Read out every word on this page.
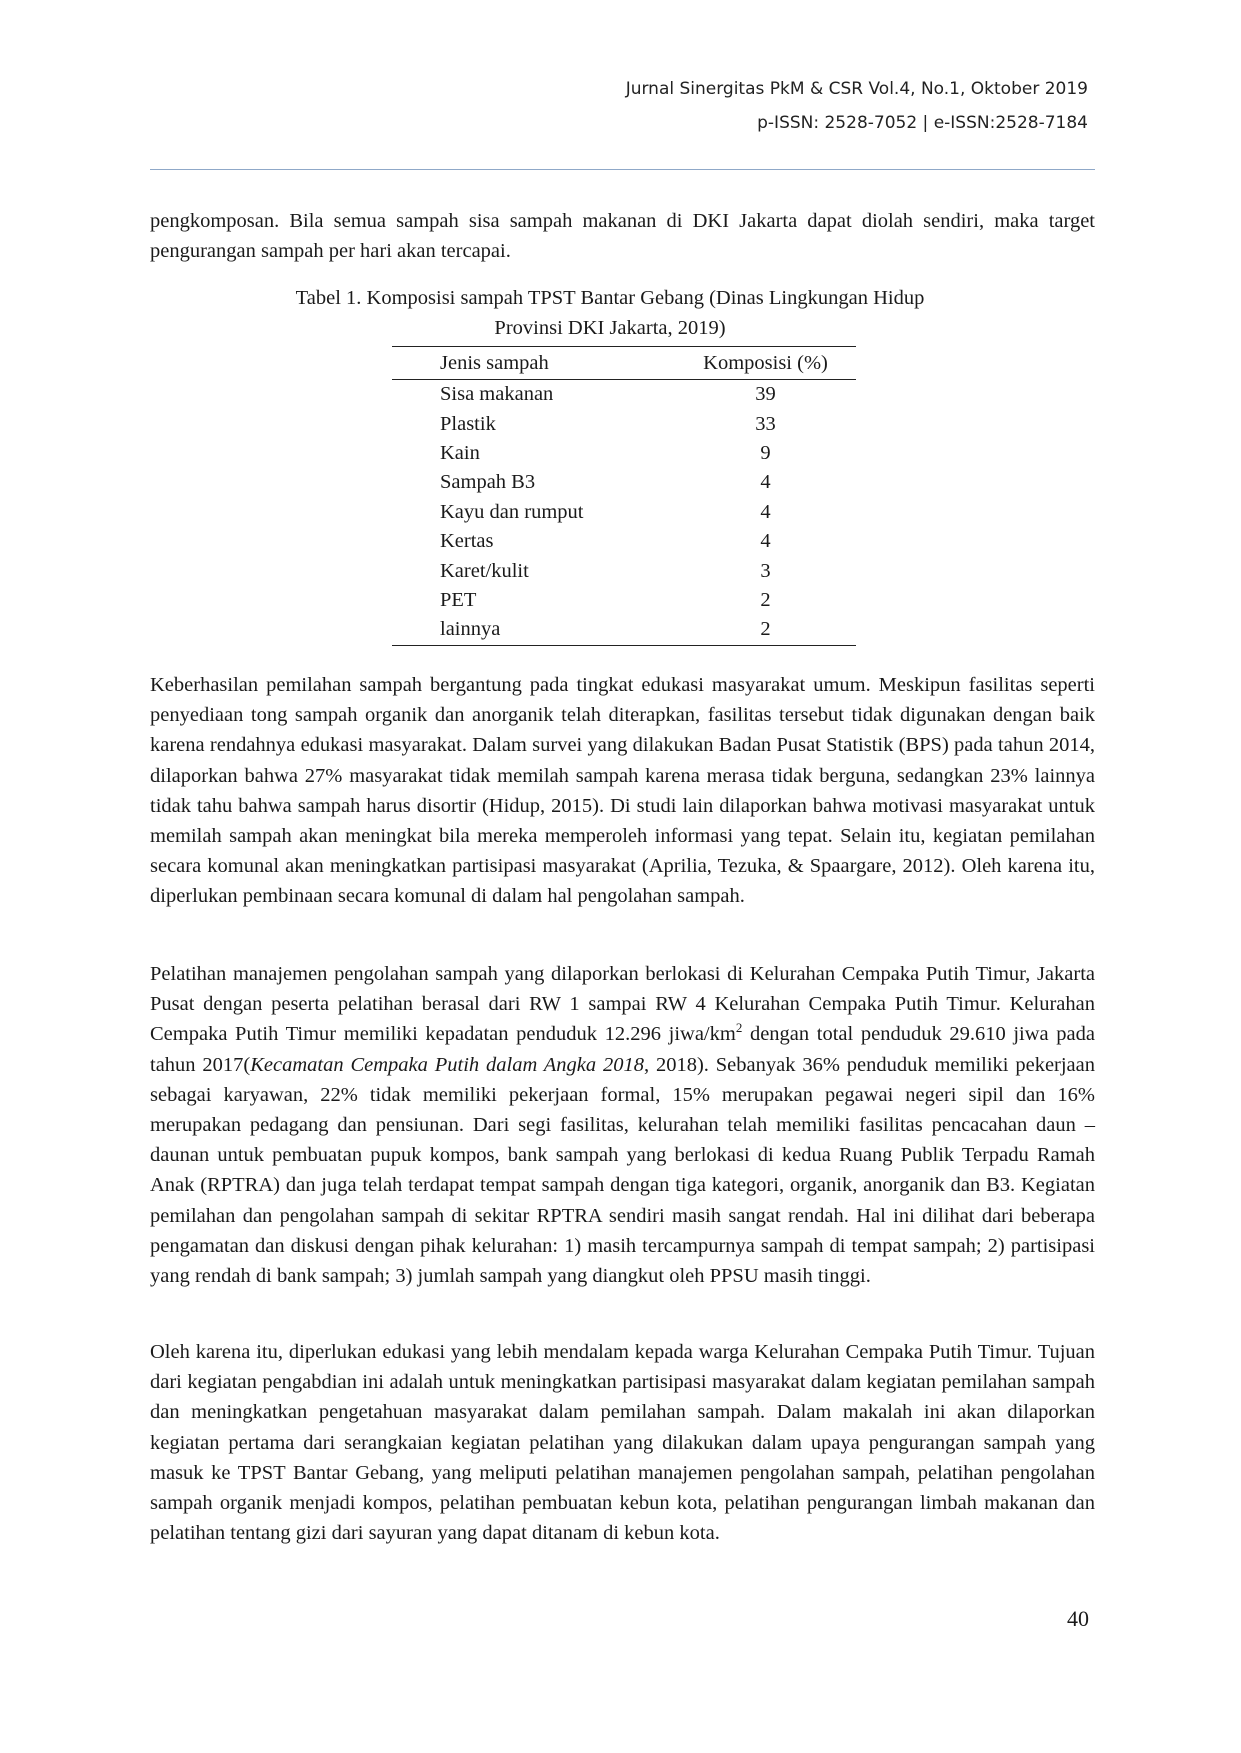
Jurnal Sinergitas PkM & CSR Vol.4, No.1, Oktober 2019
p-ISSN: 2528-7052 | e-ISSN:2528-7184

pengkomposan. Bila semua sampah sisa sampah makanan di DKI Jakarta dapat diolah sendiri, maka target pengurangan sampah per hari akan tercapai.

Tabel 1. Komposisi sampah TPST Bantar Gebang (Dinas Lingkungan Hidup
Provinsi DKI Jakarta, 2019)
Jenis sampah	Komposisi (%)
Sisa makanan	39
Plastik	33
Kain	9
Sampah B3	4
Kayu dan rumput	4
Kertas	4
Karet/kulit	3
PET	2
lainnya	2

Keberhasilan pemilahan sampah bergantung pada tingkat edukasi masyarakat umum. Meskipun fasilitas seperti penyediaan tong sampah organik dan anorganik telah diterapkan, fasilitas tersebut tidak digunakan dengan baik karena rendahnya edukasi masyarakat. Dalam survei yang dilakukan Badan Pusat Statistik (BPS) pada tahun 2014, dilaporkan bahwa 27% masyarakat tidak memilah sampah karena merasa tidak berguna, sedangkan 23% lainnya tidak tahu bahwa sampah harus disortir (Hidup, 2015). Di studi lain dilaporkan bahwa motivasi masyarakat untuk memilah sampah akan meningkat bila mereka memperoleh informasi yang tepat. Selain itu, kegiatan pemilahan secara komunal akan meningkatkan partisipasi masyarakat (Aprilia, Tezuka, & Spaargare, 2012). Oleh karena itu, diperlukan pembinaan secara komunal di dalam hal pengolahan sampah.

Pelatihan manajemen pengolahan sampah yang dilaporkan berlokasi di Kelurahan Cempaka Putih Timur, Jakarta Pusat dengan peserta pelatihan berasal dari RW 1 sampai RW 4 Kelurahan Cempaka Putih Timur. Kelurahan Cempaka Putih Timur memiliki kepadatan penduduk 12.296 jiwa/$km^2$ dengan total penduduk 29.610 jiwa pada tahun 2017(Kecamatan Cempaka Putih dalam Angka 2018, 2018). Sebanyak 36% penduduk memiliki pekerjaan sebagai karyawan, 22% tidak memiliki pekerjaan formal, 15% merupakan pegawai negeri sipil dan 16% merupakan pedagang dan pensiunan. Dari segi fasilitas, kelurahan telah memiliki fasilitas pencacahan daun – daunan untuk pembuatan pupuk kompos, bank sampah yang berlokasi di kedua Ruang Publik Terpadu Ramah Anak (RPTRA) dan juga telah terdapat tempat sampah dengan tiga kategori, organik, anorganik dan B3. Kegiatan pemilahan dan pengolahan sampah di sekitar RPTRA sendiri masih sangat rendah. Hal ini dilihat dari beberapa pengamatan dan diskusi dengan pihak kelurahan: 1) masih tercampurnya sampah di tempat sampah; 2) partisipasi yang rendah di bank sampah; 3) jumlah sampah yang diangkut oleh PPSU masih tinggi.

Oleh karena itu, diperlukan edukasi yang lebih mendalam kepada warga Kelurahan Cempaka Putih Timur. Tujuan dari kegiatan pengabdian ini adalah untuk meningkatkan partisipasi masyarakat dalam kegiatan pemilahan sampah dan meningkatkan pengetahuan masyarakat dalam pemilahan sampah. Dalam makalah ini akan dilaporkan kegiatan pertama dari serangkaian kegiatan pelatihan yang dilakukan dalam upaya pengurangan sampah yang masuk ke TPST Bantar Gebang, yang meliputi pelatihan manajemen pengolahan sampah, pelatihan pengolahan sampah organik menjadi kompos, pelatihan pembuatan kebun kota, pelatihan pengurangan limbah makanan dan pelatihan tentang gizi dari sayuran yang dapat ditanam di kebun kota.

40
